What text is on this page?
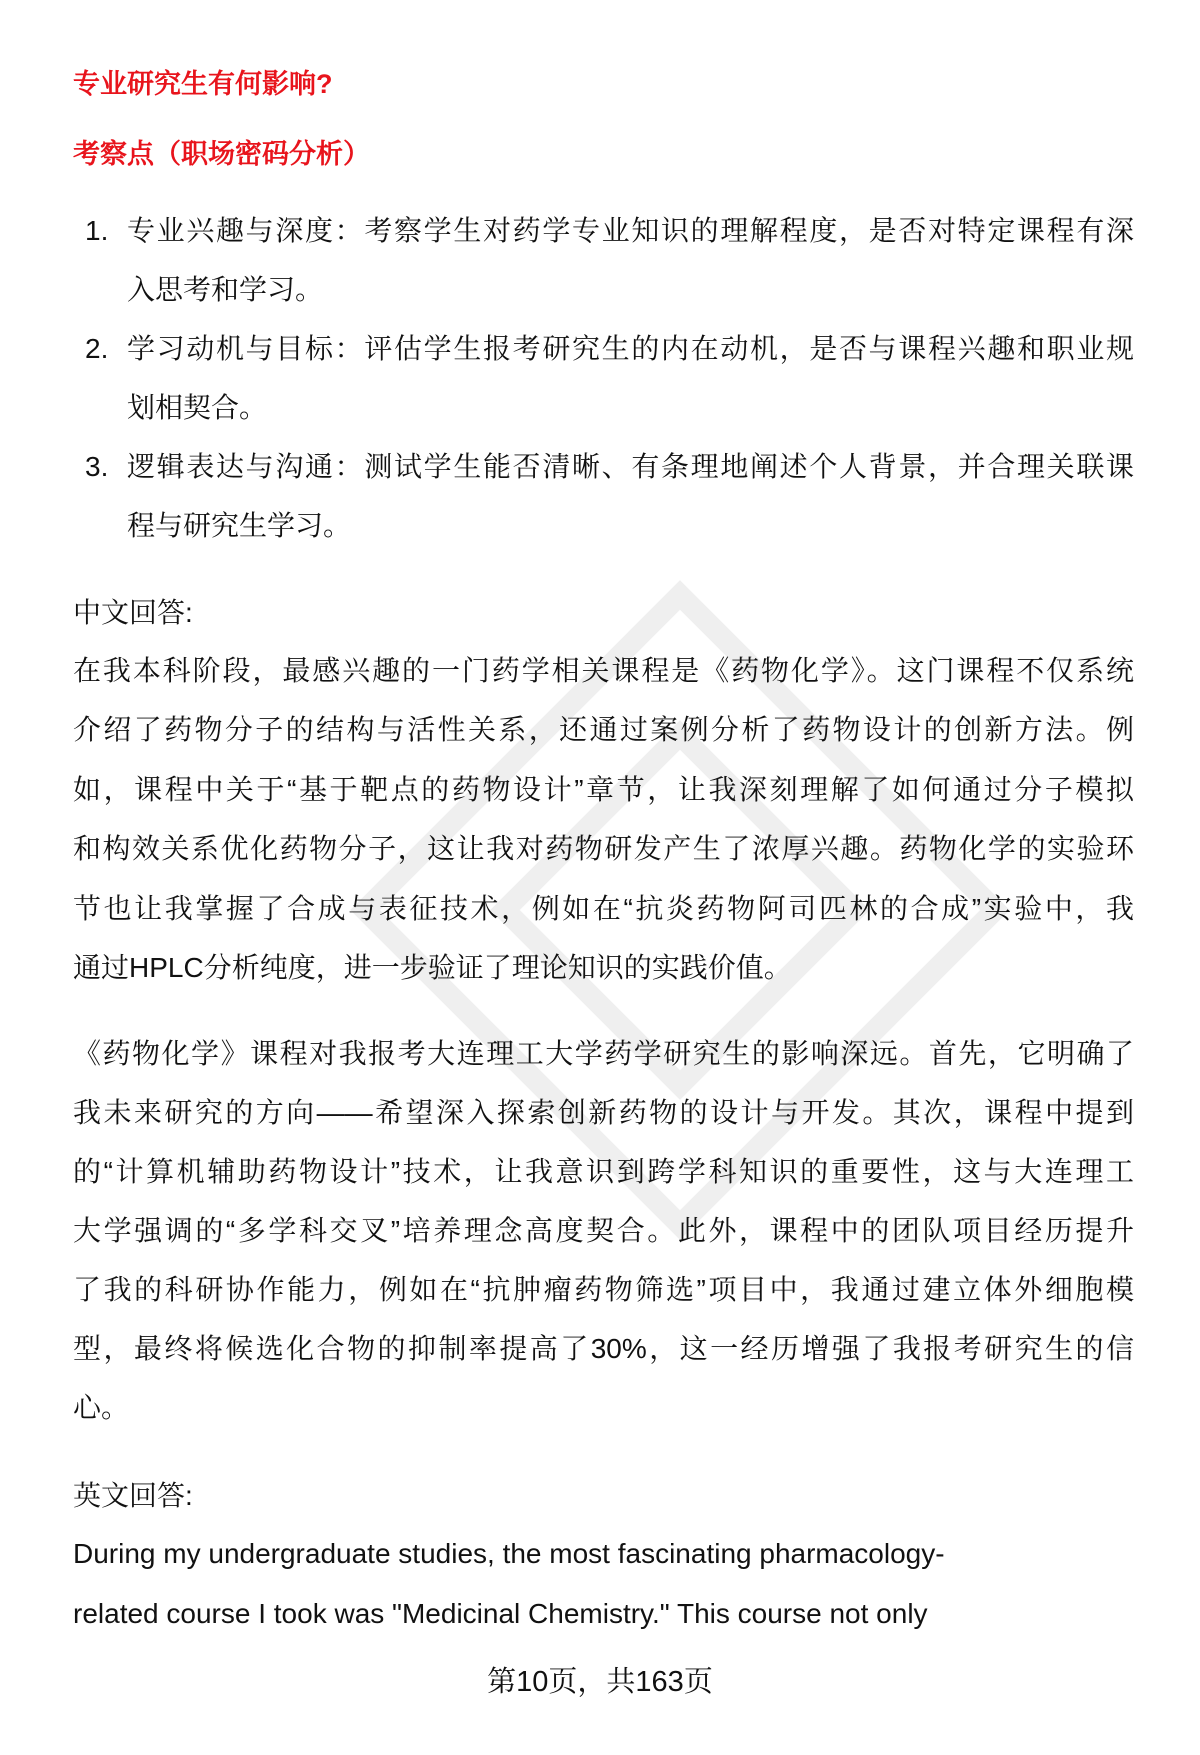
专业研究生有何影响?
考察点（职场密码分析）
1. 专业兴趣与深度：考察学生对药学专业知识的理解程度，是否对特定课程有深
入思考和学习。
2. 学习动机与目标：评估学生报考研究生的内在动机，是否与课程兴趣和职业规
划相契合。
3. 逻辑表达与沟通：测试学生能否清晰、有条理地阐述个人背景，并合理关联课
程与研究生学习。
中文回答:
在我本科阶段，最感兴趣的一门药学相关课程是《药物化学》。这门课程不仅系统
介绍了药物分子的结构与活性关系，还通过案例分析了药物设计的创新方法。例
如，课程中关于“基于靶点的药物设计”章节，让我深刻理解了如何通过分子模拟
和构效关系优化药物分子，这让我对药物研发产生了浓厚兴趣。药物化学的实验环
节也让我掌握了合成与表征技术，例如在“抗炎药物阿司匹林的合成”实验中，我
通过HPLC分析纯度，进一步验证了理论知识的实践价值。
《药物化学》课程对我报考大连理工大学药学研究生的影响深远。首先，它明确了
我未来研究的方向——希望深入探索创新药物的设计与开发。其次，课程中提到
的“计算机辅助药物设计”技术，让我意识到跨学科知识的重要性，这与大连理工
大学强调的“多学科交叉”培养理念高度契合。此外，课程中的团队项目经历提升
了我的科研协作能力，例如在“抗肿瘤药物筛选”项目中，我通过建立体外细胞模
型，最终将候选化合物的抑制率提高了30%，这一经历增强了我报考研究生的信
心。
英文回答:
During my undergraduate studies, the most fascinating pharmacology-
related course I took was "Medicinal Chemistry." This course not only
第10页，共163页
